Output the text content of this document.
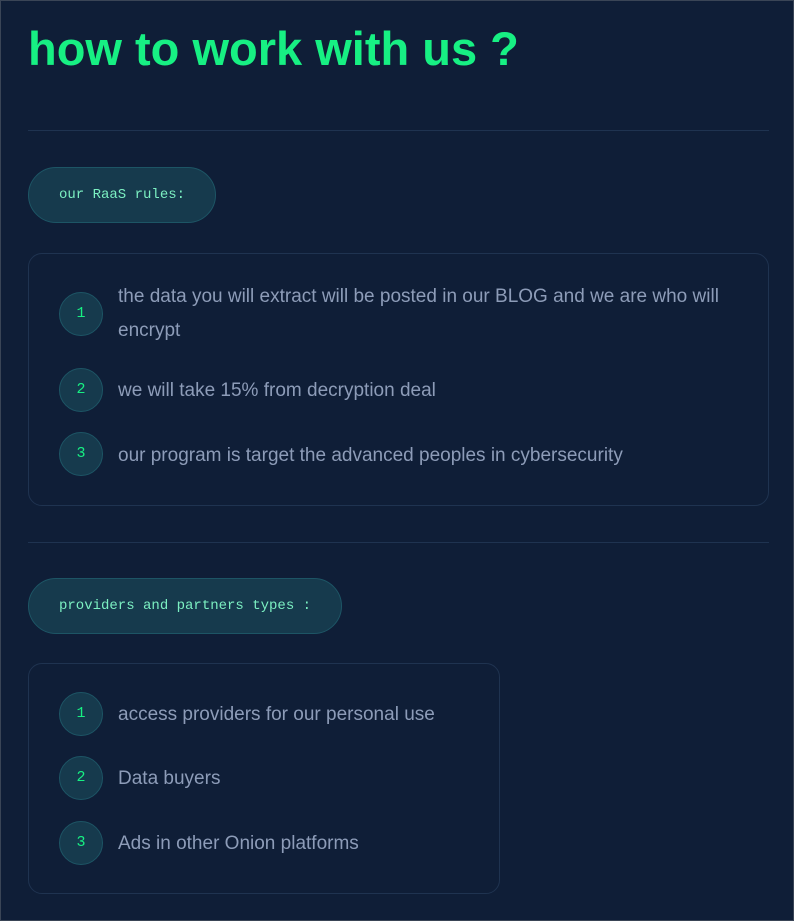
how to work with us ?
our RaaS rules:
1
the data you will extract will be posted in our BLOG and we are who will encrypt
2	we will take 15% from decryption deal
3	our program is target the advanced peoples in cybersecurity
providers and partners types :
1	access providers for our personal use
2	Data buyers
3	Ads in other Onion platforms
